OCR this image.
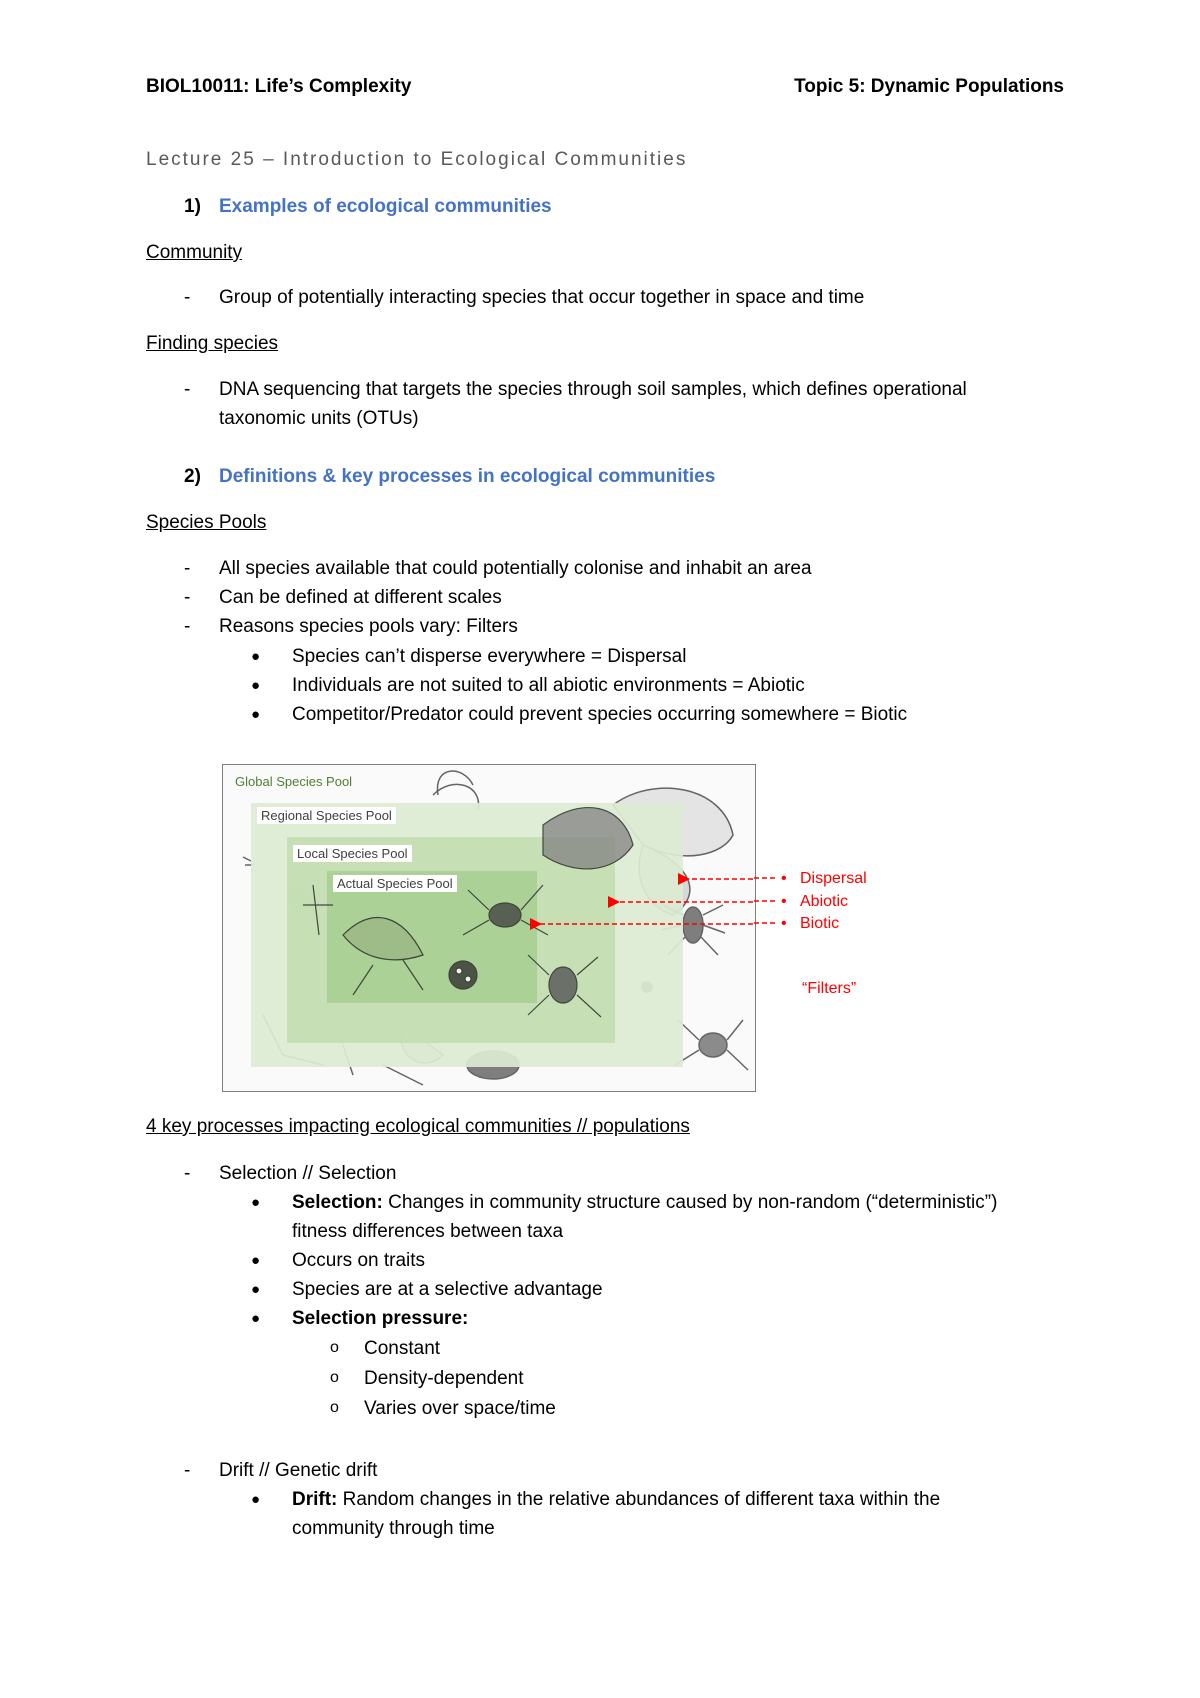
BIOL10011: Life’s Complexity	Topic 5: Dynamic Populations
Lecture 25 – Introduction to Ecological Communities
1) Examples of ecological communities
Community
- Group of potentially interacting species that occur together in space and time
Finding species
- DNA sequencing that targets the species through soil samples, which defines operational
taxonomic units (OTUs)
2) Definitions & key processes in ecological communities
Species Pools
- All species available that could potentially colonise and inhabit an area
- Can be defined at different scales
- Reasons species pools vary: Filters
● Species can’t disperse everywhere = Dispersal
● Individuals are not suited to all abiotic environments = Abiotic
● Competitor/Predator could prevent species occurring somewhere = Biotic
Global Species Pool
Regional Species Pool
Local Species Pool
Actual Species Pool	• Dispersal
• Abiotic
• Biotic
“Filters”
4 key processes impacting ecological communities // populations
- Selection // Selection
● Selection: Changes in community structure caused by non-random (“deterministic”)
fitness differences between taxa
● Occurs on traits
● Species are at a selective advantage
● Selection pressure:
o Constant
o Density-dependent
o Varies over space/time
- Drift // Genetic drift
● Drift: Random changes in the relative abundances of different taxa within the
community through time
